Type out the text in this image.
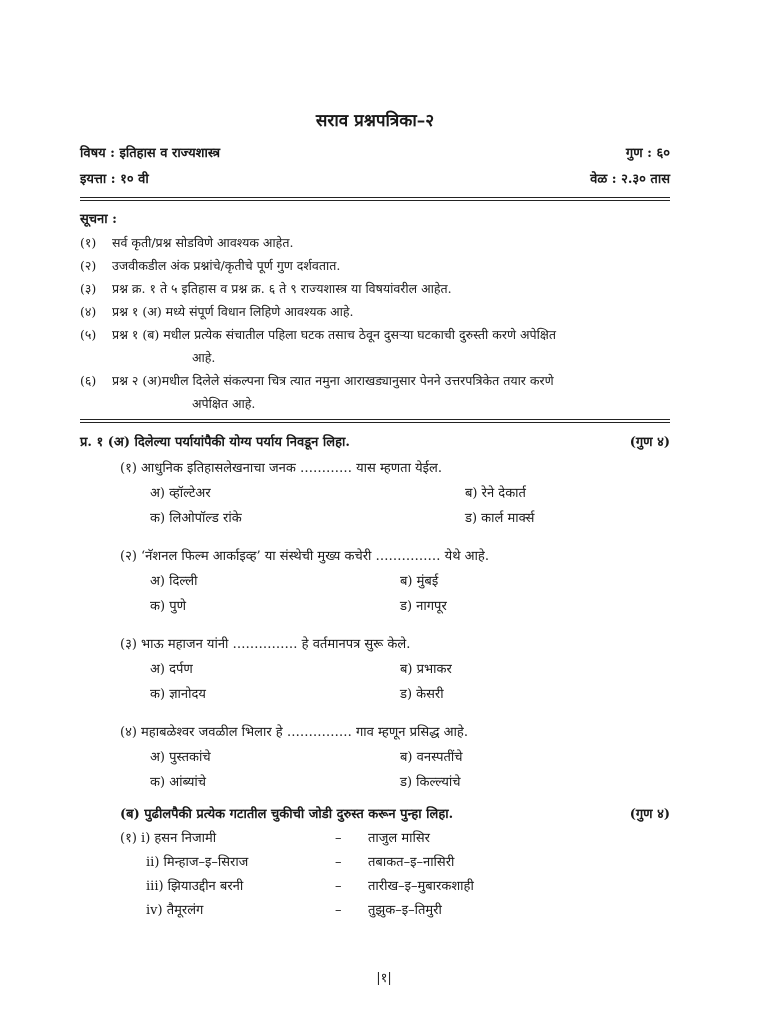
सराव प्रश्नपत्रिका–२
विषय : इतिहास व राज्यशास्त्र	गुण : ६०
इयत्ता : १० वी	वेळ : २.३० तास
सूचना :
(१)	सर्व कृती/प्रश्न सोडविणे आवश्यक आहेत.
(२)	उजवीकडील अंक प्रश्नांचे/कृतीचे पूर्ण गुण दर्शवतात.
(३)	प्रश्न क्र. १ ते ५ इतिहास व प्रश्न क्र. ६ ते ९ राज्यशास्त्र या विषयांवरील आहेत.
(४)	प्रश्न १ (अ) मध्ये संपूर्ण विधान लिहिणे आवश्यक आहे.
(५)	प्रश्न १ (ब) मधील प्रत्येक संचातील पहिला घटक तसाच ठेवून दुसऱ्या घटकाची दुरुस्ती करणे अपेक्षित
आहे.
(६)	प्रश्न २ (अ)मधील दिलेले संकल्पना चित्र त्यात नमुना आराखड्यानुसार पेनने उत्तरपत्रिकेत तयार करणे
अपेक्षित आहे.
प्र. १ (अ) दिलेल्या पर्यायांपैकी योग्य पर्याय निवडून लिहा.	(गुण ४)
(१) आधुनिक इतिहासलेखनाचा जनक ………… यास म्हणता येईल.
अ) व्हॉल्टेअर	ब) रेने देकार्त
क) लिओपॉल्ड रांके	ड) कार्ल मार्क्स
(२) ‘नॅशनल फिल्म आर्काइव्ह’ या संस्थेची मुख्य कचेरी …………… येथे आहे.
अ) दिल्ली	ब) मुंबई
क) पुणे	ड) नागपूर
(३) भाऊ महाजन यांनी …………… हे वर्तमानपत्र सुरू केले.
अ) दर्पण	ब) प्रभाकर
क) ज्ञानोदय	ड) केसरी
(४) महाबळेश्वर जवळील भिलार हे …………… गाव म्हणून प्रसिद्ध आहे.
अ) पुस्तकांचे	ब) वनस्पतींचे
क) आंब्यांचे	ड) किल्ल्यांचे
(ब) पुढीलपैकी प्रत्येक गटातील चुकीची जोडी दुरुस्त करून पुन्हा लिहा.	(गुण ४)
(१) i) हसन निजामी	–	ताजुल मासिर
ii) मिन्हाज–इ–सिराज	–	तबाकत–इ–नासिरी
iii) झियाउद्दीन बरनी	–	तारीख–इ–मुबारकशाही
iv) तैमूरलंग	–	तुझुक–इ–तिमुरी
|१|
